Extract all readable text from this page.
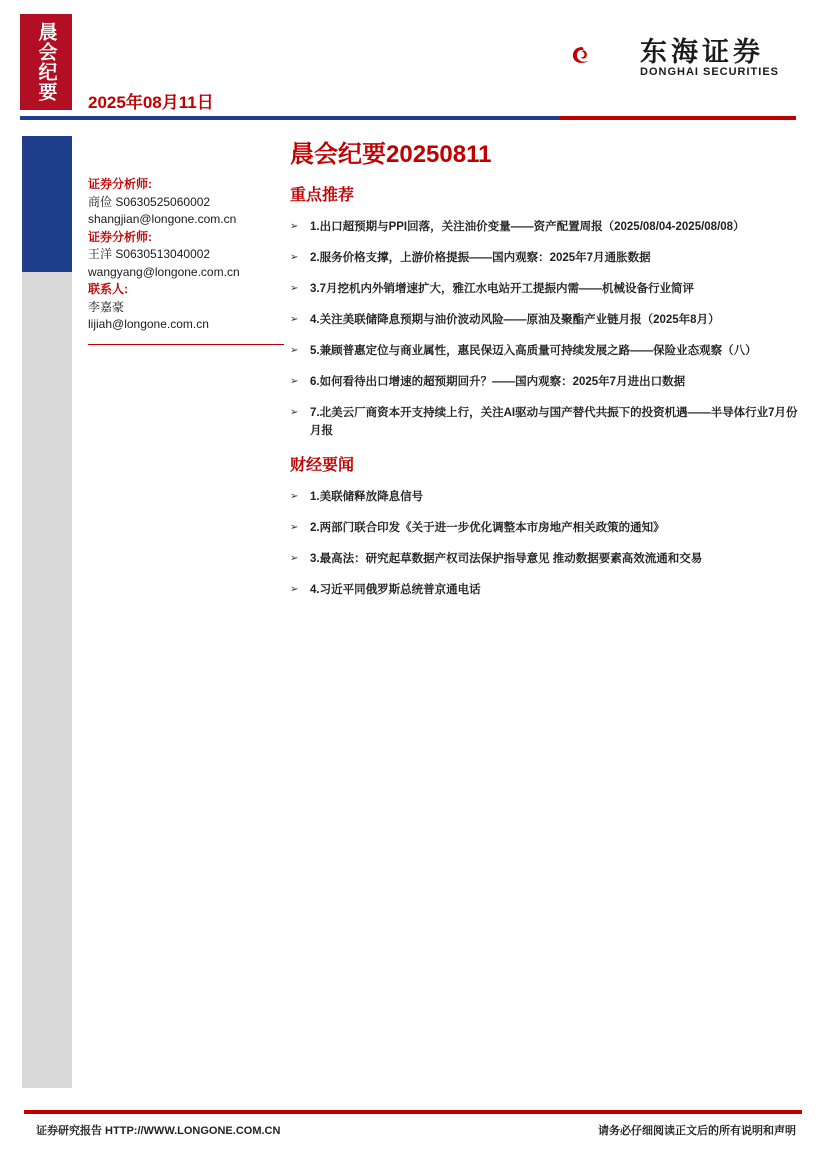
晨会纪要
2025年08月11日
东海证券
DONGHAI SECURITIES
证券分析师:
商俭 S0630525060002
shangjian@longone.com.cn
证券分析师:
王洋 S0630513040002
wangyang@longone.com.cn
联系人:
李嘉豪
lijiah@longone.com.cn
晨会纪要20250811
重点推荐
➢ 1.出口超预期与PPI回落，关注油价变量——资产配置周报（2025/08/04-2025/08/08）
➢ 2.服务价格支撑，上游价格提振——国内观察：2025年7月通胀数据
➢ 3.7月挖机内外销增速扩大，雅江水电站开工提振内需——机械设备行业简评
➢ 4.关注美联储降息预期与油价波动风险——原油及聚酯产业链月报（2025年8月）
➢ 5.兼顾普惠定位与商业属性，惠民保迈入高质量可持续发展之路——保险业态观察（八）
➢ 6.如何看待出口增速的超预期回升？——国内观察：2025年7月进出口数据
➢ 7.北美云厂商资本开支持续上行，关注AI驱动与国产替代共振下的投资机遇——半导体行业7月份月报
财经要闻
➢ 1.美联储释放降息信号
➢ 2.两部门联合印发《关于进一步优化调整本市房地产相关政策的通知》
➢ 3.最高法：研究起草数据产权司法保护指导意见 推动数据要素高效流通和交易
➢ 4.习近平同俄罗斯总统普京通电话
证券研究报告 HTTP://WWW.LONGONE.COM.CN	请务必仔细阅读正文后的所有说明和声明
